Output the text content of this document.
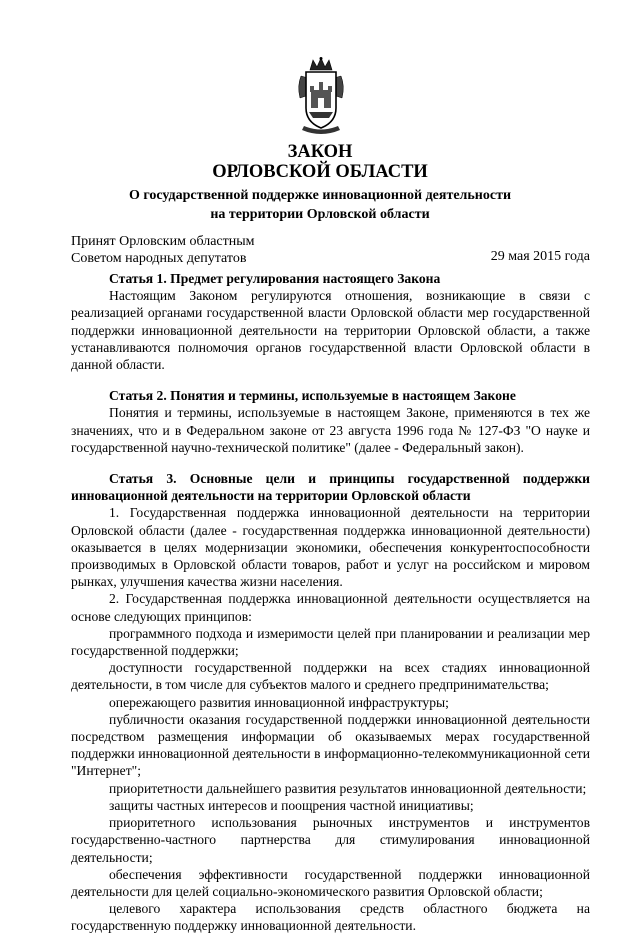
ЗАКОН
ОРЛОВСКОЙ ОБЛАСТИ
О государственной поддержке инновационной деятельности
на территории Орловской области
Принят Орловским областным
Советом народных депутатов	29 мая 2015 года
Статья 1. Предмет регулирования настоящего Закона

Настоящим Законом регулируются отношения, возникающие в связи с реализацией органами государственной власти Орловской области мер государственной поддержки инновационной деятельности на территории Орловской области, а также устанавливаются полномочия органов государственной власти Орловской области в данной области.

Статья 2. Понятия и термины, используемые в настоящем Законе

Понятия и термины, используемые в настоящем Законе, применяются в тех же значениях, что и в Федеральном законе от 23 августа 1996 года № 127-ФЗ "О науке и государственной научно-технической политике" (далее - Федеральный закон).

Статья 3. Основные цели и принципы государственной поддержки инновационной деятельности на территории Орловской области

1. Государственная поддержка инновационной деятельности на территории Орловской области (далее - государственная поддержка инновационной деятельности) оказывается в целях модернизации экономики, обеспечения конкурентоспособности производимых в Орловской области товаров, работ и услуг на российском и мировом рынках, улучшения качества жизни населения.

2. Государственная поддержка инновационной деятельности осуществляется на основе следующих принципов:

программного подхода и измеримости целей при планировании и реализации мер государственной поддержки;

доступности государственной поддержки на всех стадиях инновационной деятельности, в том числе для субъектов малого и среднего предпринимательства;

опережающего развития инновационной инфраструктуры;

публичности оказания государственной поддержки инновационной деятельности посредством размещения информации об оказываемых мерах государственной поддержки инновационной деятельности в информационно-телекоммуникационной сети "Интернет";

приоритетности дальнейшего развития результатов инновационной деятельности;

защиты частных интересов и поощрения частной инициативы;

приоритетного использования рыночных инструментов и инструментов государственно-частного партнерства для стимулирования инновационной деятельности;

обеспечения эффективности государственной поддержки инновационной деятельности для целей социально-экономического развития Орловской области;

целевого характера использования средств областного бюджета на государственную поддержку инновационной деятельности.
